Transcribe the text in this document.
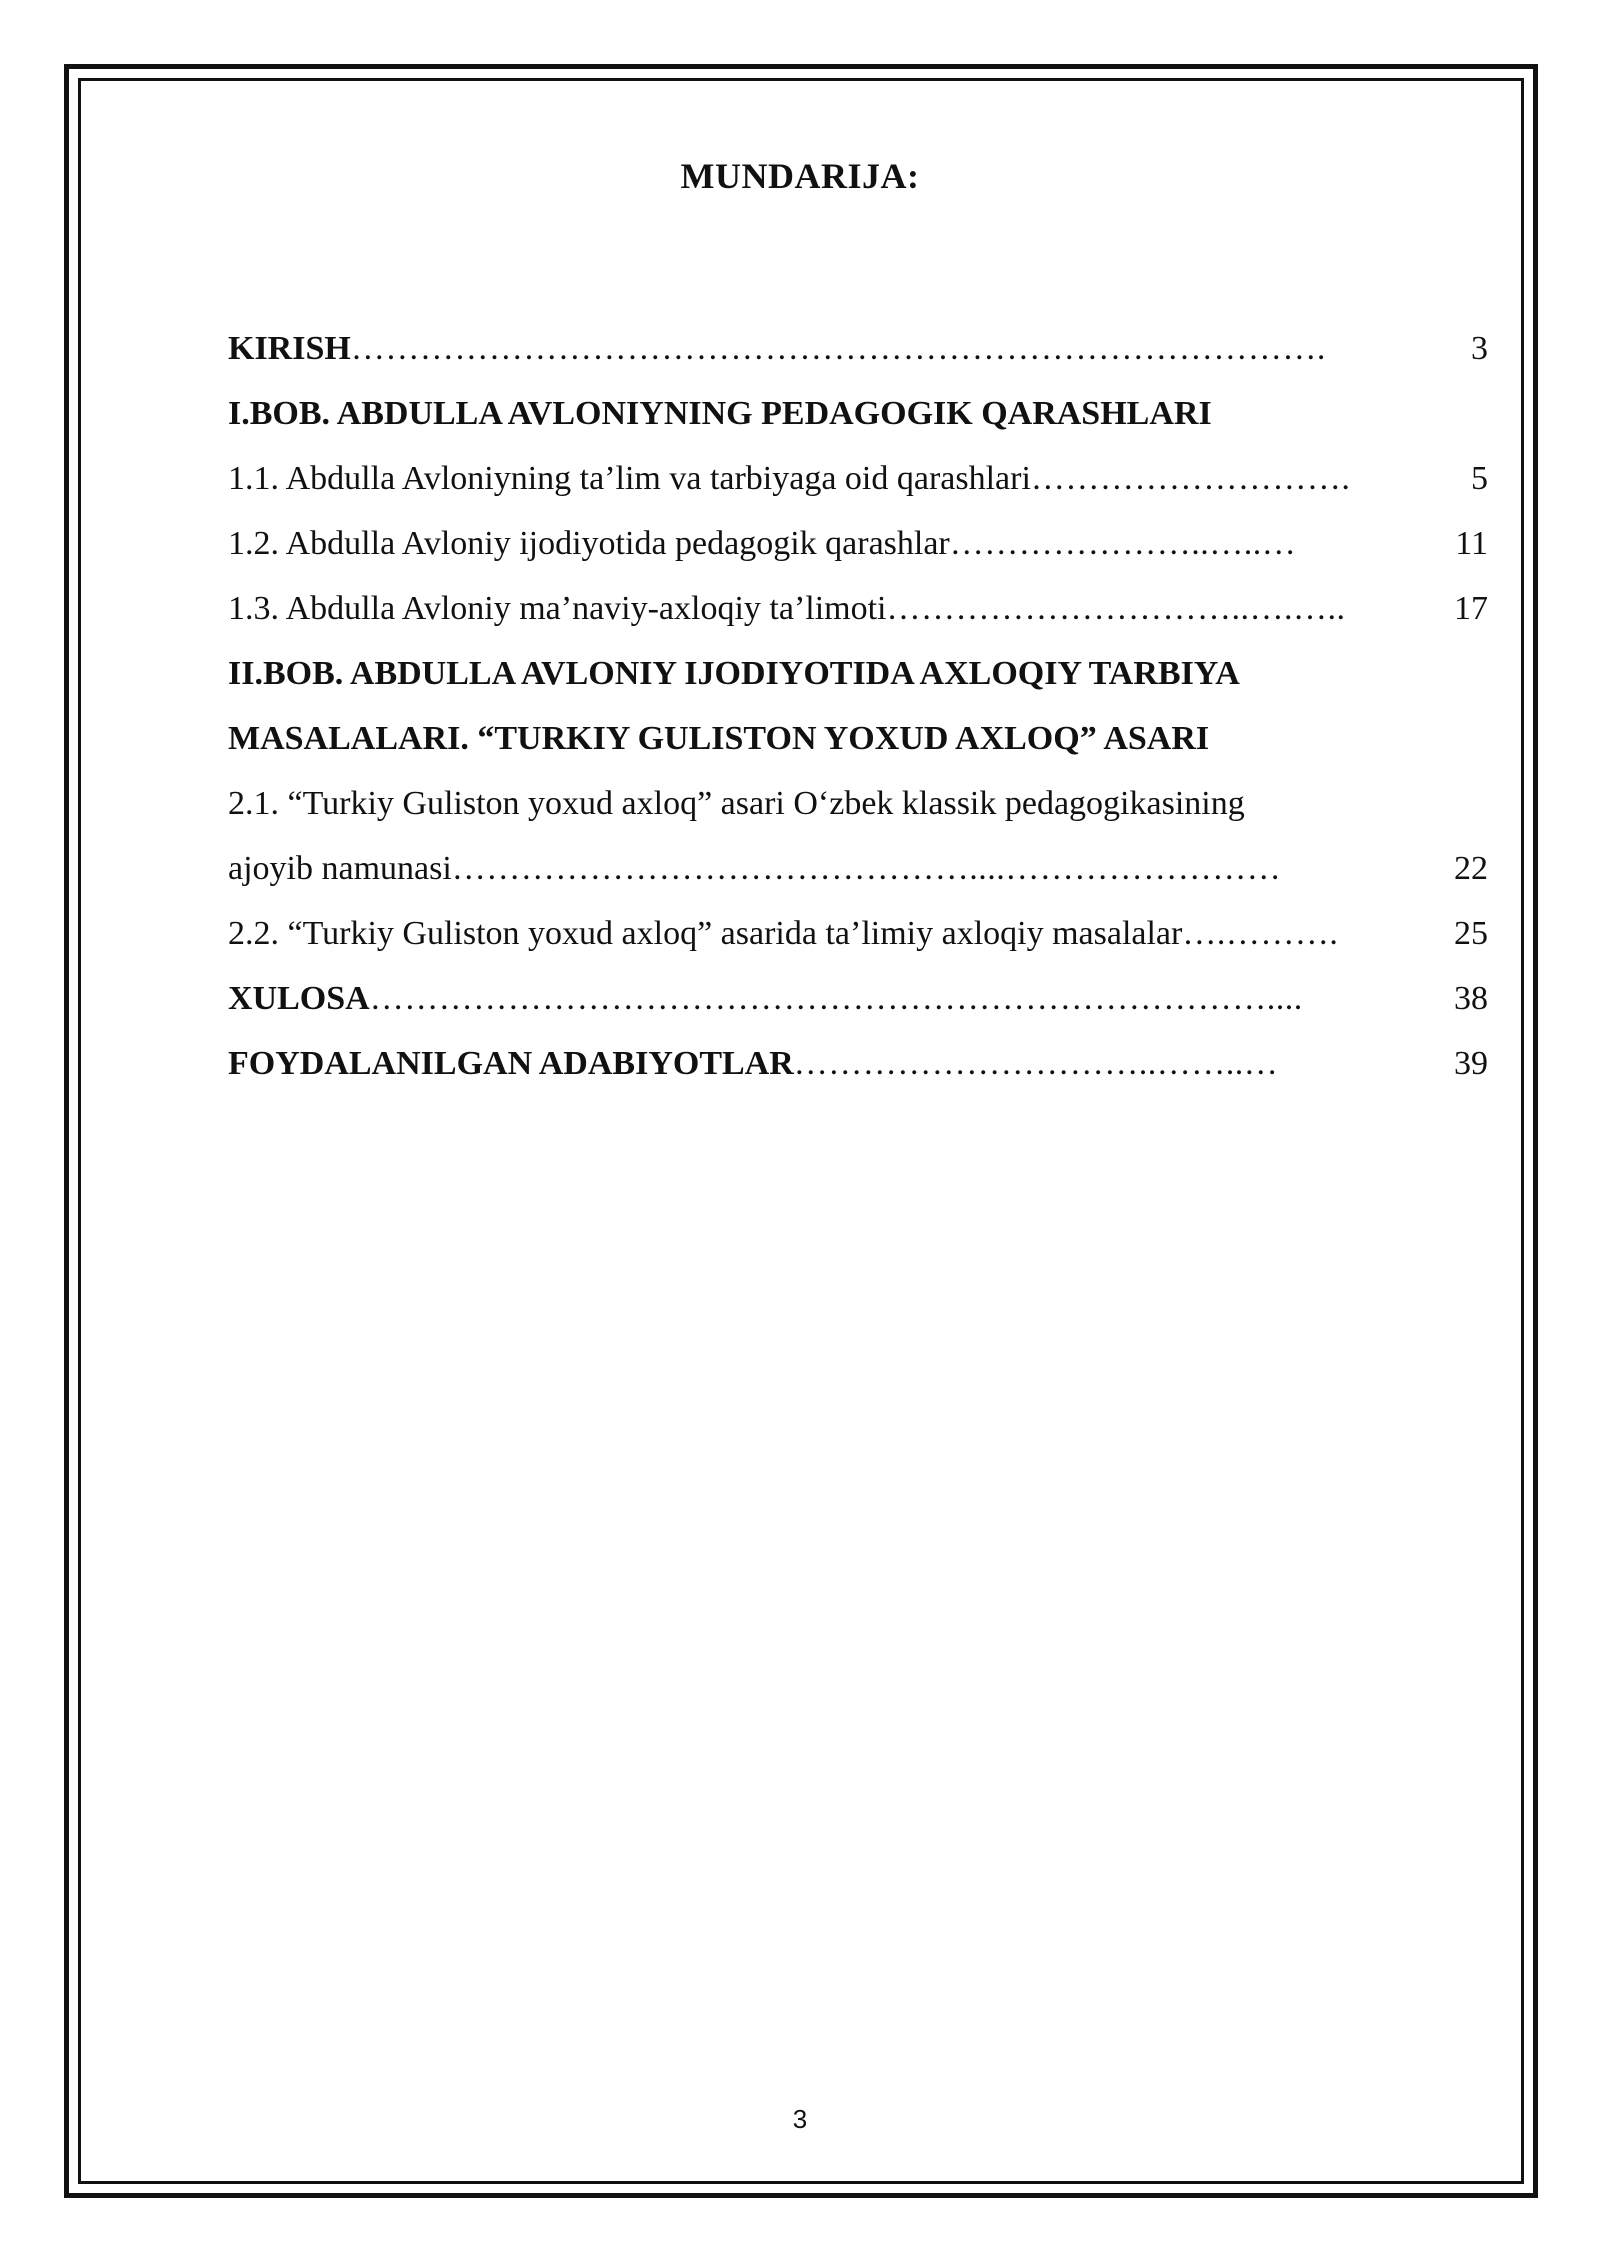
MUNDARIJA:
KIRISH ………………………………………………………………………….	3
I.BOB. ABDULLA AVLONIYNING PEDAGOGIK QARASHLARI
1.1. Abdulla Avloniyning ta’lim va tarbiyaga oid qarashlari ……………………….	5
1.2. Abdulla Avloniy ijodiyotida pedagogik qarashlar …………………..…..…	11
1.3. Abdulla Avloniy ma’naviy-axloqiy ta’limoti …………………………..….…..	17
II.BOB. ABDULLA AVLONIY IJODIYOTIDA AXLOQIY TARBIYA
MASALALARI. “TURKIY GULISTON YOXUD AXLOQ” ASARI
2.1. “Turkiy Guliston yoxud axloq” asari O‘zbek klassik pedagogikasining
ajoyib namunasi ………………………………………....……………………	22
2.2. “Turkiy Guliston yoxud axloq” asarida ta’limiy axloqiy masalalar ….……….	25
XULOSA ……………………………………………………………………....	38
FOYDALANILGAN ADABIYOTLAR …………………………..……..…	39
3
